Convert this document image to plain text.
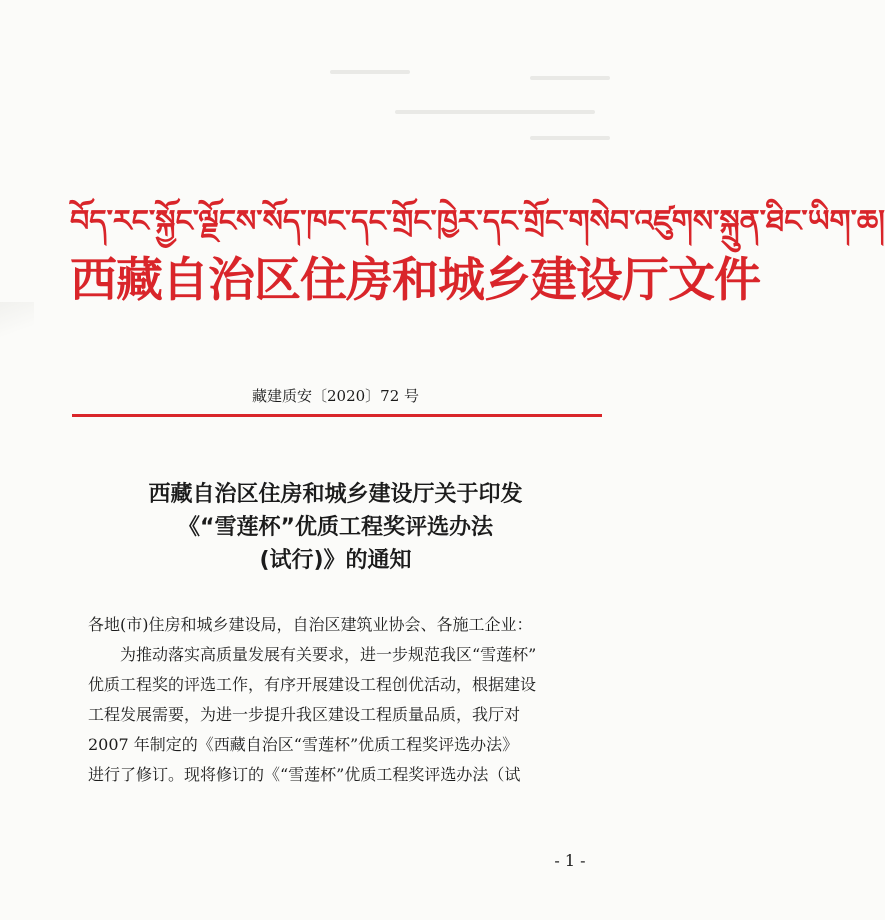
བོད་རང་སྐྱོང་ལྗོངས་སོད་ཁང་དང་གྲོང་ཁྱེར་དང་གྲོང་གསེབ་འཛུགས་སྐྲུན་ཐིང་ཡིག་ཆ།
西藏自治区住房和城乡建设厅文件
藏建质安〔2020〕72 号
西藏自治区住房和城乡建设厅关于印发
《“雪莲杯”优质工程奖评选办法
(试行)》的通知

各地(市)住房和城乡建设局，自治区建筑业协会、各施工企业：

为推动落实高质量发展有关要求，进一步规范我区“雪莲杯”

优质工程奖的评选工作，有序开展建设工程创优活动，根据建设

工程发展需要，为进一步提升我区建设工程质量品质，我厅对

2007 年制定的《西藏自治区“雪莲杯”优质工程奖评选办法》

进行了修订。现将修订的《“雪莲杯”优质工程奖评选办法（试

- 1 -
